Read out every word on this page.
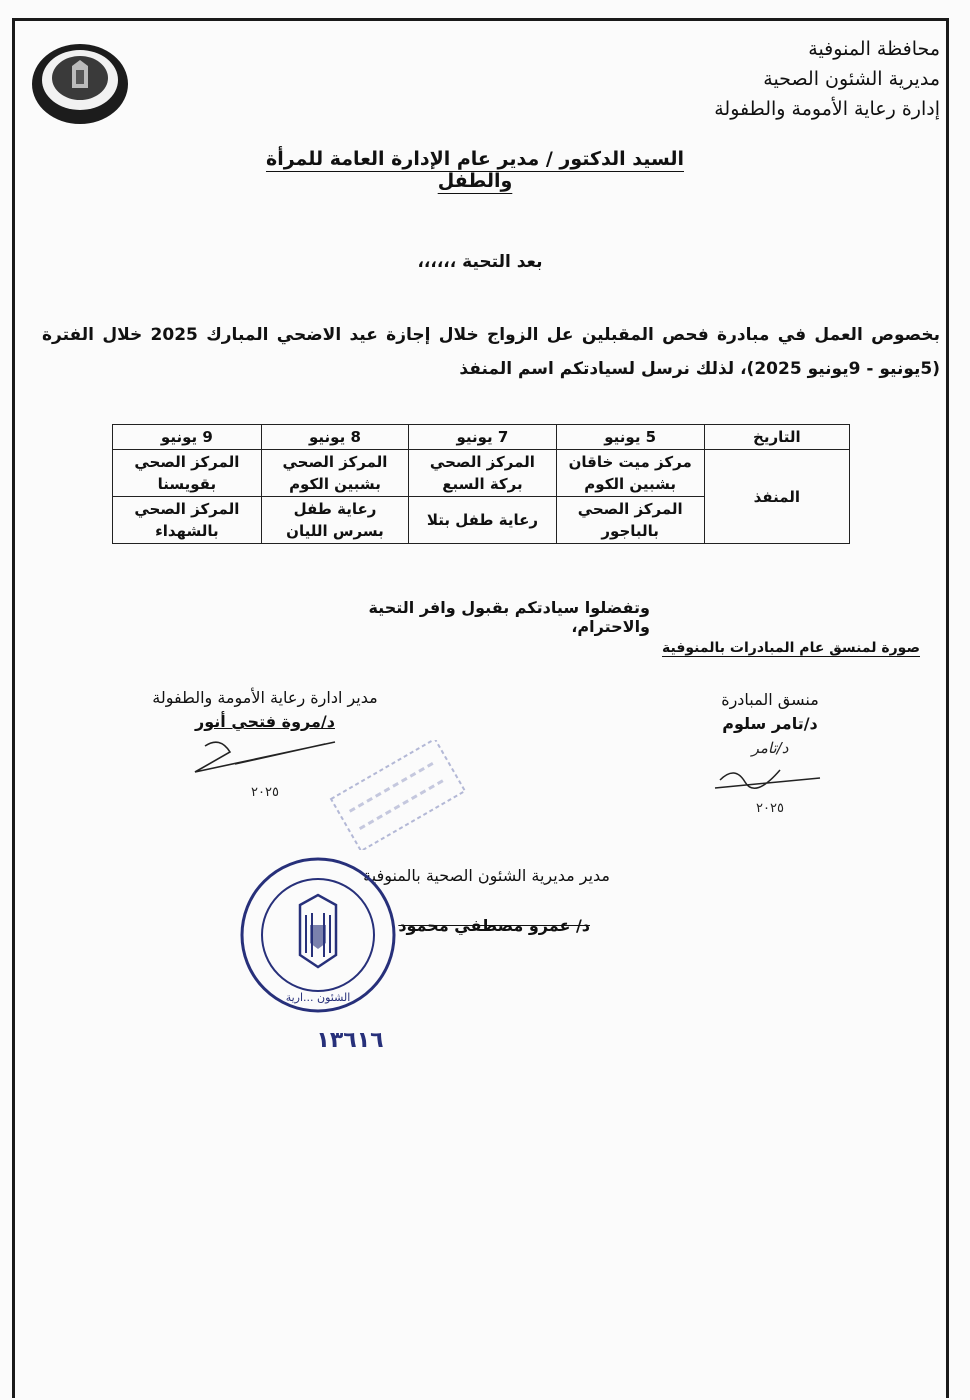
محافظة المنوفية
مديرية الشئون الصحية
إدارة رعاية الأمومة والطفولة
السيد الدكتور / مدير عام الإدارة العامة للمرأة والطفل
بعد التحية ،،،،،،
بخصوص العمل في مبادرة فحص المقبلين عل الزواج خلال إجازة عيد الاضحي المبارك 2025 خلال الفترة (5يونيو - 9يونيو 2025)، لذلك نرسل لسيادتكم اسم المنفذ
التاريخ	5 يونيو	7 يونيو	8 يونيو	9 يونيو
المنفذ	مركز ميت خاقان بشبين الكوم	المركز الصحي بركة السبع	المركز الصحي بشبين الكوم	المركز الصحي بقويسنا
	المركز الصحي بالباجور	رعاية طفل بتلا	رعاية طفل بسرس الليان	المركز الصحي بالشهداء
وتفضلوا سيادتكم بقبول وافر التحية والاحترام،
صورة لمنسق عام المبادرات بالمنوفية
منسق المبادرة
د/تامر سلوم
د/تامر
٢٠٢٥
مدير ادارة رعاية الأمومة والطفولة
د/مروة فتحي أنور
٢٠٢٥
مدير مديرية الشئون الصحية بالمنوفية
د/ عمرو مصطفي محمود
الشئون ...ارية
١٣٦١٦
